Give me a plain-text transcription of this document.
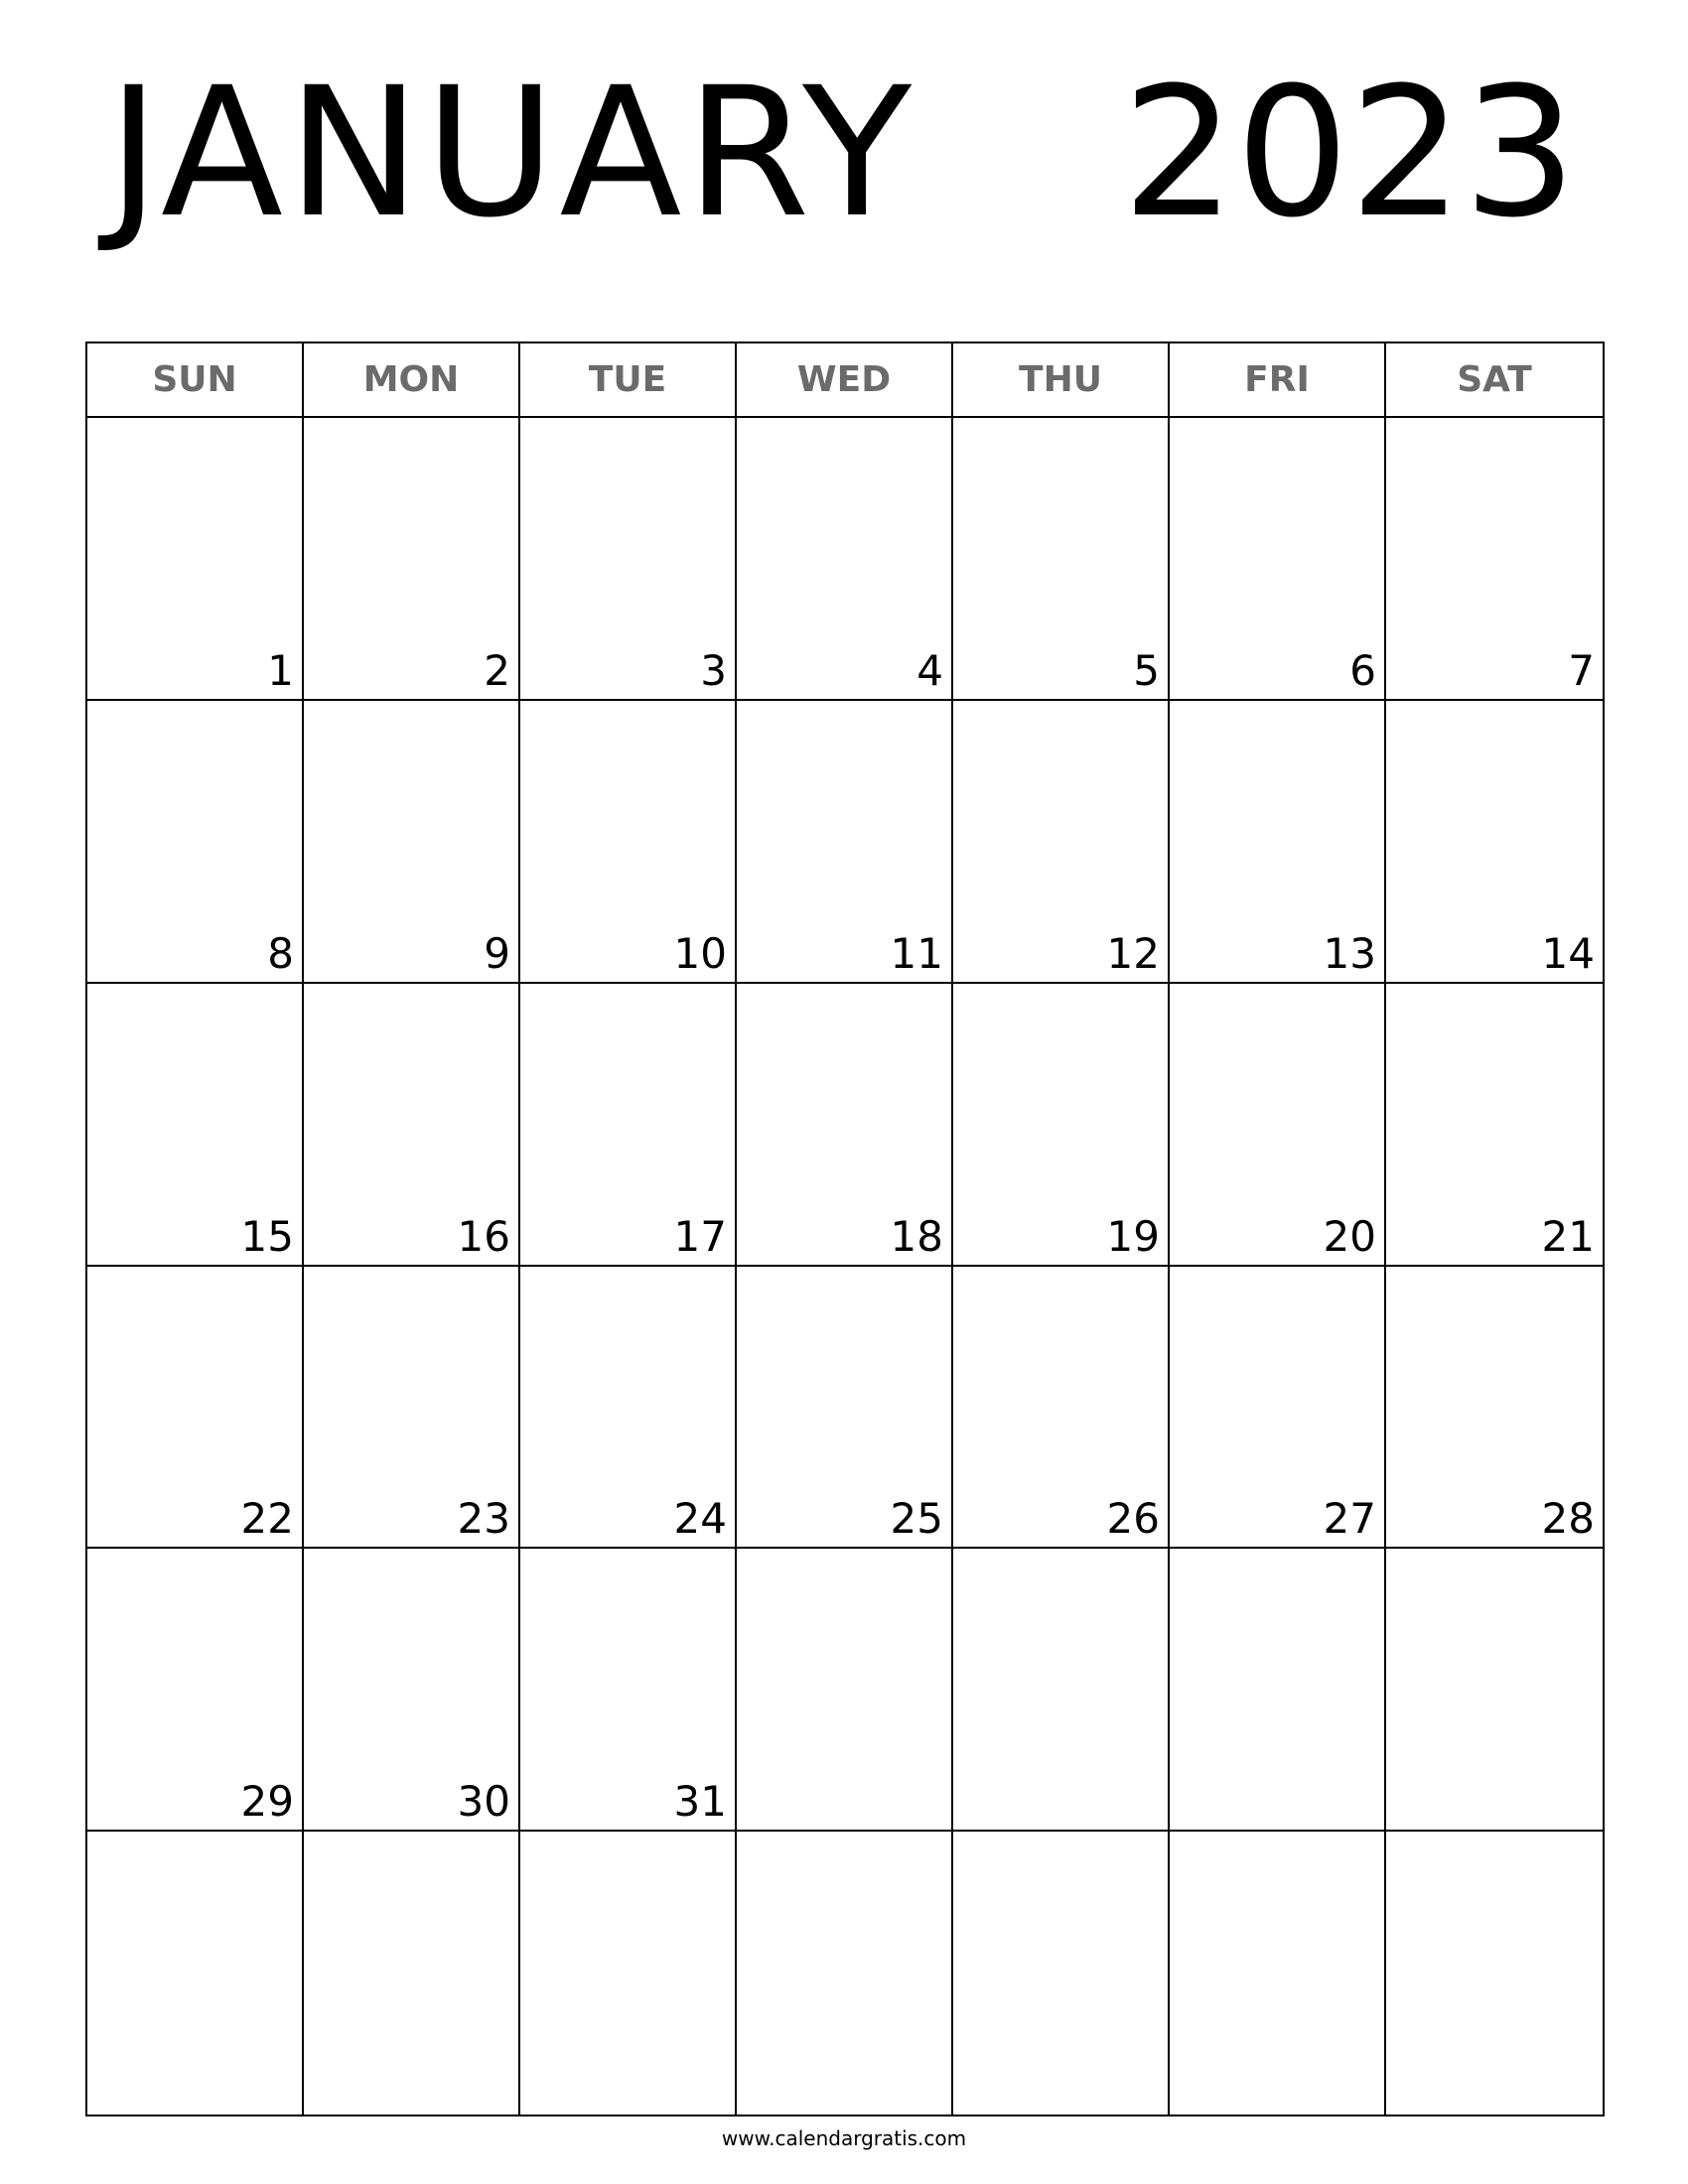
JANUARY 2023
SUN	MON	TUE	WED	THU	FRI	SAT
1	2	3	4	5	6	7
8	9	10	11	12	13	14
15	16	17	18	19	20	21
22	23	24	25	26	27	28
29	30	31
www.calendargratis.com
